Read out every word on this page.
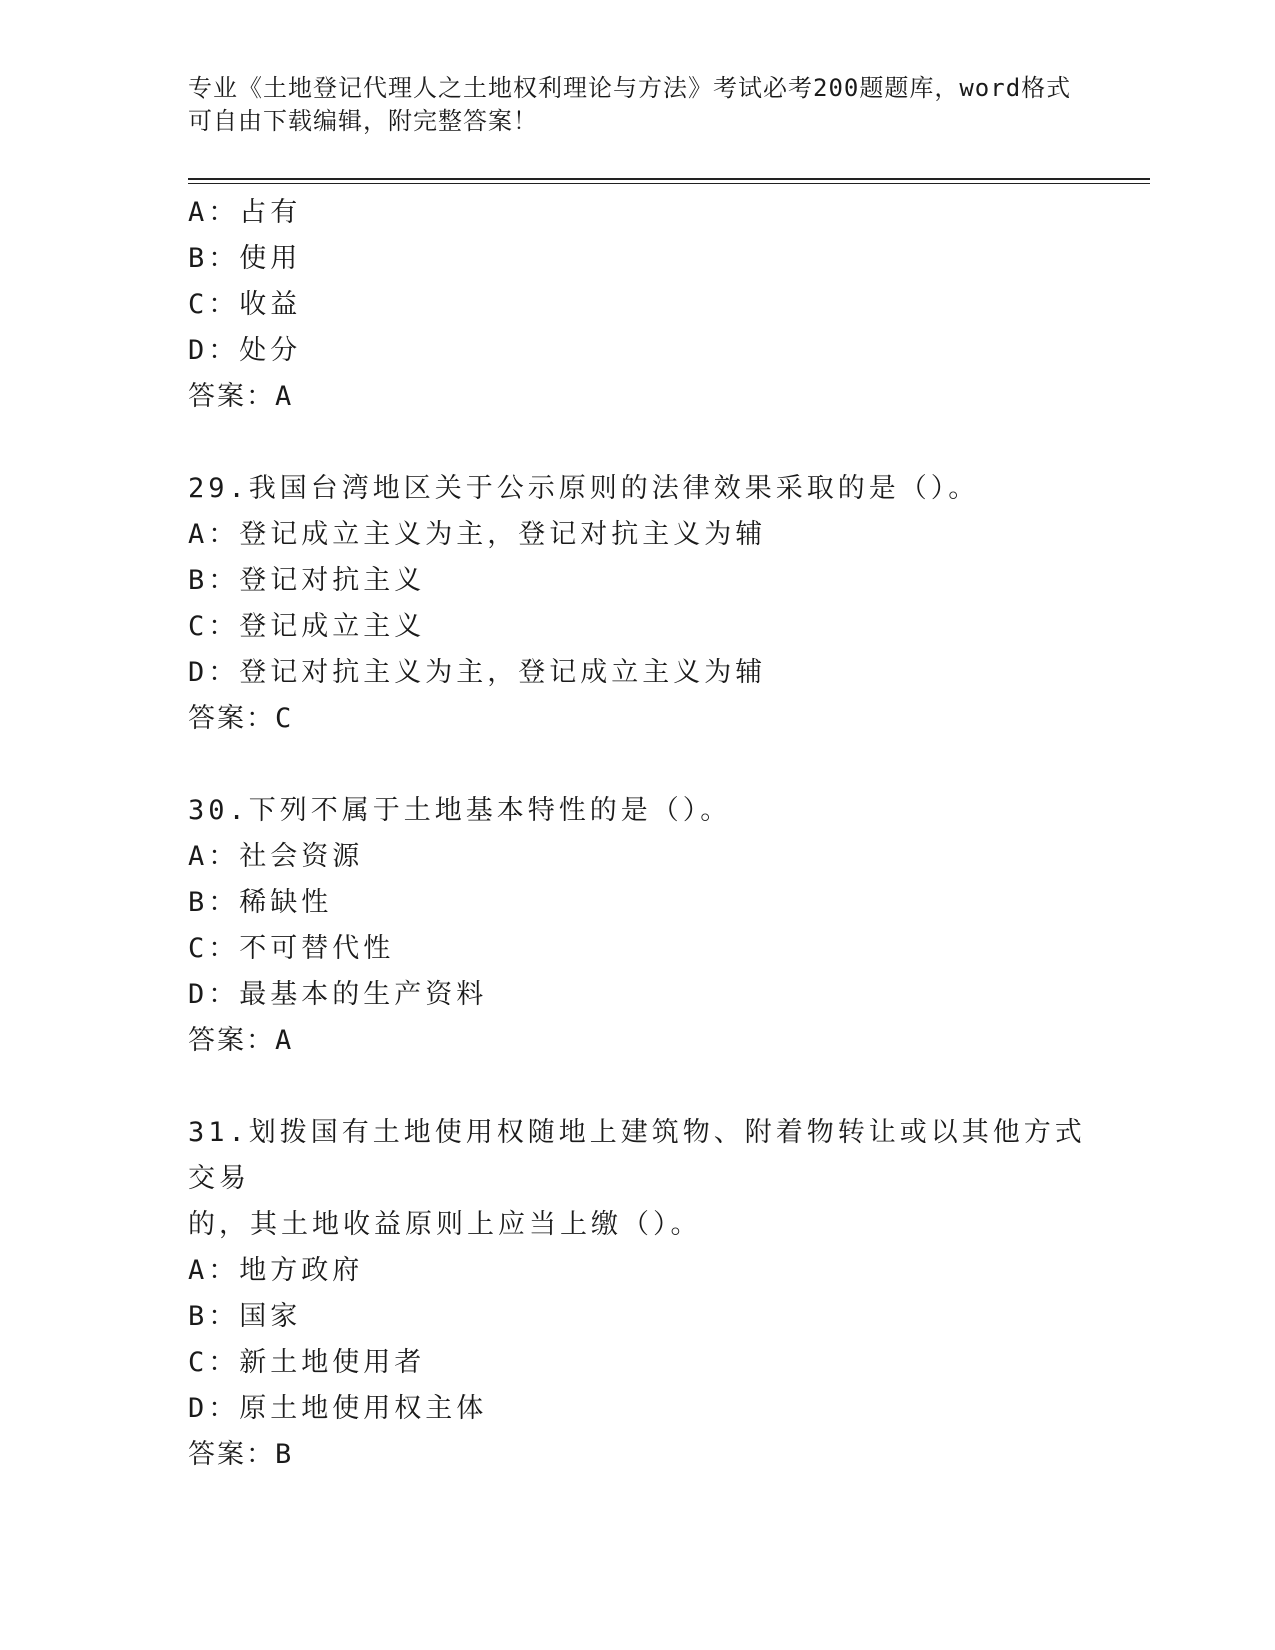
专业《土地登记代理人之土地权利理论与方法》考试必考200题题库，word格式
可自由下载编辑，附完整答案！
A：占有
B：使用
C：收益
D：处分
答案：A
29.我国台湾地区关于公示原则的法律效果采取的是（）。
A：登记成立主义为主，登记对抗主义为辅
B：登记对抗主义
C：登记成立主义
D：登记对抗主义为主，登记成立主义为辅
答案：C
30.下列不属于土地基本特性的是（）。
A：社会资源
B：稀缺性
C：不可替代性
D：最基本的生产资料
答案：A
31.划拨国有土地使用权随地上建筑物、附着物转让或以其他方式交易
的，其土地收益原则上应当上缴（）。
A：地方政府
B：国家
C：新土地使用者
D：原土地使用权主体
答案：B
